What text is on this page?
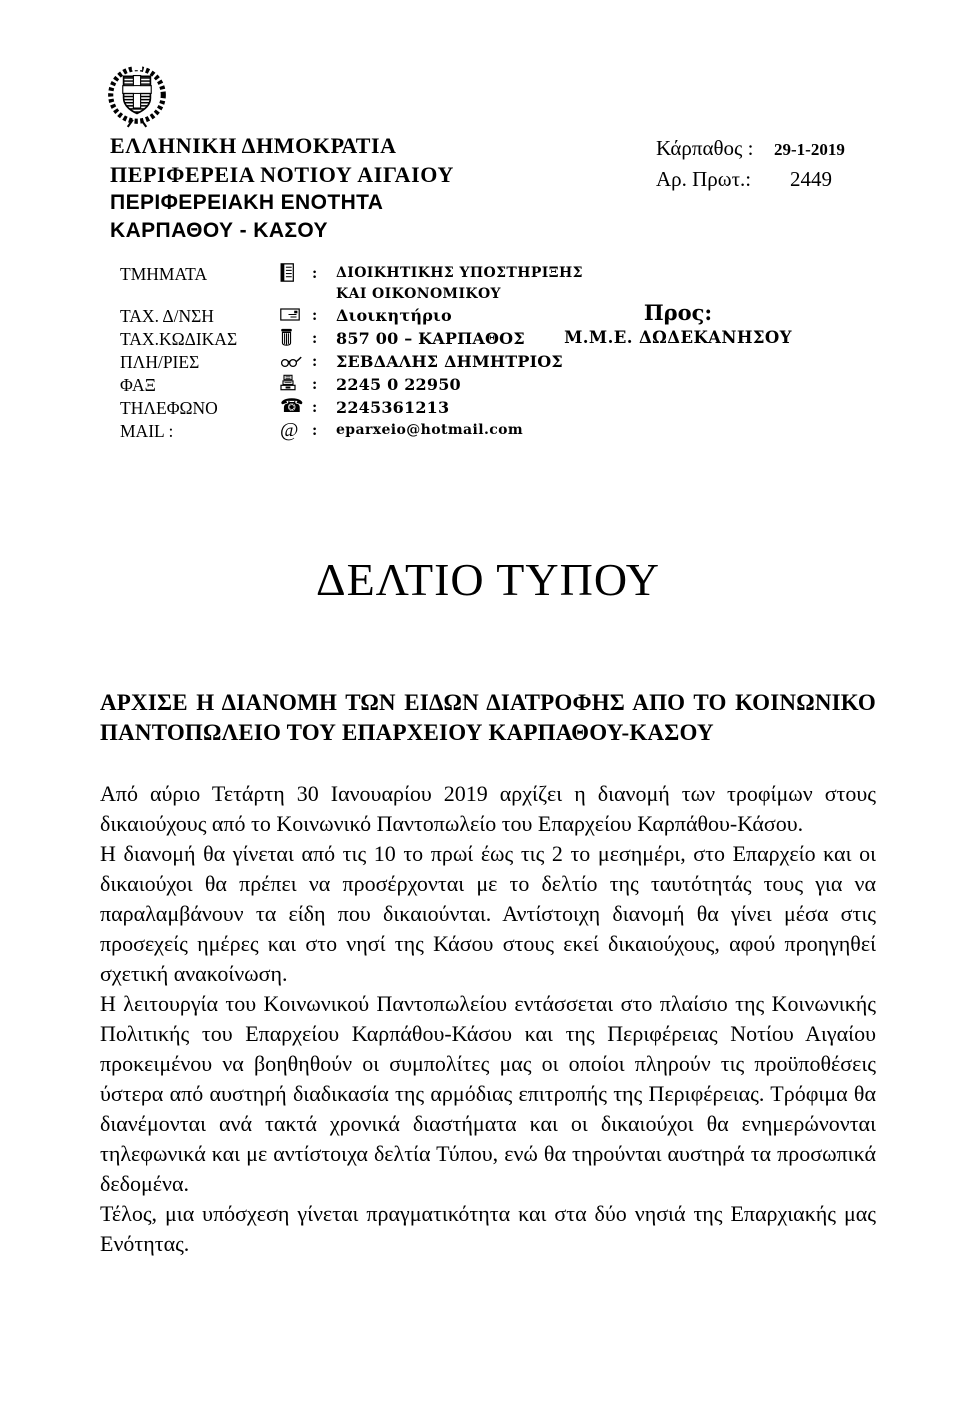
ΕΛΛΗΝΙΚΗ ΔΗΜΟΚΡΑΤΙΑ
ΠΕΡΙΦΕΡΕΙΑ ΝΟΤΙΟΥ ΑΙΓΑΙΟΥ
ΠΕΡΙΦΕΡΕΙΑΚΗ ΕΝΟΤΗΤΑ
ΚΑΡΠΑΘΟΥ - ΚΑΣΟΥ
Κάρπαθος :	29-1-2019
Αρ. Πρωτ.:	2449
ΤΜΗΜΑΤΑ	:	ΔΙΟΙΚΗΤΙΚΗΣ ΥΠΟΣΤΗΡΙΞΗΣ
ΚΑΙ ΟΙΚΟΝΟΜΙΚΟΥ
ΤΑΧ. Δ/ΝΣΗ	:	Διοικητήριο
ΤΑΧ.ΚΩΔΙΚΑΣ	:	857 00 – ΚΑΡΠΑΘΟΣ
ΠΛΗ/ΡΙΕΣ	:	ΣΕΒΔΑΛΗΣ ΔΗΜΗΤΡΙΟΣ
ΦΑΞ	:	2245 0 22950
ΤΗΛΕΦΩΝΟ	☎ :	2245361213
MAIL :	@ :	eparxeio@hotmail.com
Προς:
Μ.Μ.Ε. ΔΩΔΕΚΑΝΗΣΟΥ
ΔΕΛΤΙΟ ΤΥΠΟΥ
ΑΡΧΙΣΕ Η ΔΙΑΝΟΜΗ ΤΩΝ ΕΙΔΩΝ ΔΙΑΤΡΟΦΗΣ ΑΠΟ ΤΟ ΚΟΙΝΩΝΙΚΟ ΠΑΝΤΟΠΩΛΕΙΟ ΤΟΥ ΕΠΑΡΧΕΙΟΥ ΚΑΡΠΑΘΟΥ-ΚΑΣΟΥ

Από αύριο Τετάρτη 30 Ιανουαρίου 2019 αρχίζει η διανομή των τροφίμων στους δικαιούχους από το Κοινωνικό Παντοπωλείο του Επαρχείου Καρπάθου-Κάσου.

Η διανομή θα γίνεται από τις 10 το πρωί έως τις 2 το μεσημέρι, στο Επαρχείο και οι δικαιούχοι θα πρέπει να προσέρχονται με το δελτίο της ταυτότητάς τους για να παραλαμβάνουν τα είδη που δικαιούνται. Αντίστοιχη διανομή θα γίνει μέσα στις προσεχείς ημέρες και στο νησί της Κάσου στους εκεί δικαιούχους, αφού προηγηθεί σχετική ανακοίνωση.

Η λειτουργία του Κοινωνικού Παντοπωλείου εντάσσεται στο πλαίσιο της Κοινωνικής Πολιτικής του Επαρχείου Καρπάθου-Κάσου και της Περιφέρειας Νοτίου Αιγαίου προκειμένου να βοηθηθούν οι συμπολίτες μας οι οποίοι πληρούν τις προϋποθέσεις ύστερα από αυστηρή διαδικασία της αρμόδιας επιτροπής της Περιφέρειας. Τρόφιμα θα διανέμονται ανά τακτά χρονικά διαστήματα και οι δικαιούχοι θα ενημερώνονται τηλεφωνικά και με αντίστοιχα δελτία Τύπου, ενώ θα τηρούνται αυστηρά τα προσωπικά δεδομένα.

Τέλος, μια υπόσχεση γίνεται πραγματικότητα και στα δύο νησιά της Επαρχιακής μας Ενότητας.
